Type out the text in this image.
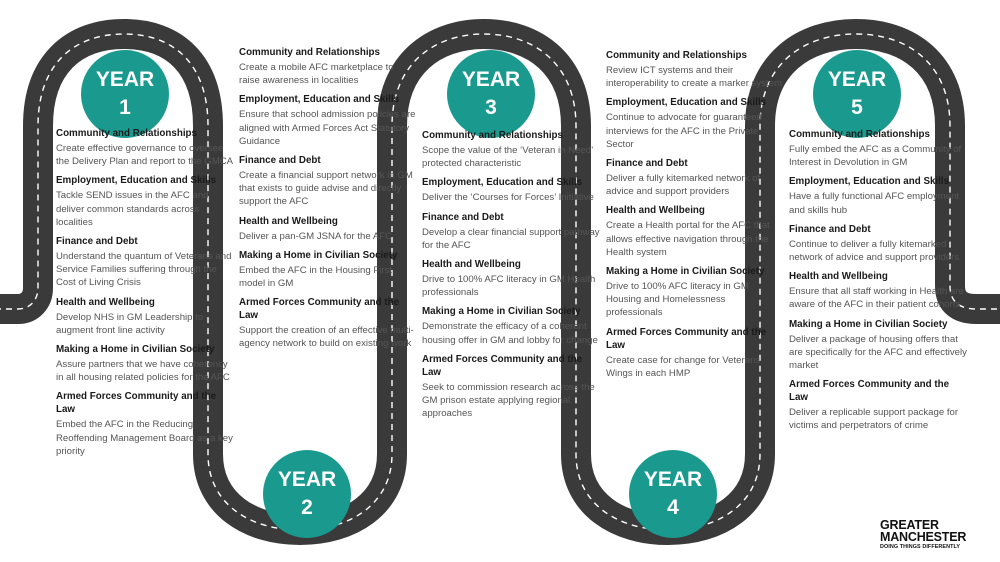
YEAR
1
YEAR
2
YEAR
3
YEAR
4
YEAR
5
Community and Relationships

Create effective governance to oversee the Delivery Plan and report to the GMCA

Employment, Education and Skills

Tackle SEND issues in the AFC and deliver common standards across localities

Finance and Debt

Understand the quantum of Veterans and Service Families suffering through the Cost of Living Crisis

Health and Wellbeing

Develop NHS in GM Leadership to augment front line activity

Making a Home in Civilian Society

Assure partners that we have coherency in all housing related policies for the AFC

Armed Forces Community and the Law

Embed the AFC in the Reducing Reoffending Management Board as a key priority

Community and Relationships

Create a mobile AFC marketplace to raise awareness in localities

Employment, Education and Skills

Ensure that school admission policies are aligned with Armed Forces Act Statutory Guidance

Finance and Debt

Create a financial support network in GM that exists to guide advise and directly support the AFC

Health and Wellbeing

Deliver a pan-GM JSNA for the AFC

Making a Home in Civilian Society

Embed the AFC in the Housing First model in GM

Armed Forces Community and the Law

Support the creation of an effective multi-agency network to build on existing work

Community and Relationships

Scope the value of the ‘Veteran in Need’ protected characteristic

Employment, Education and Skills

Deliver the ‘Courses for Forces’ Initiative

Finance and Debt

Develop a clear financial support pathway for the AFC

Health and Wellbeing

Drive to 100% AFC literacy in GM Health professionals

Making a Home in Civilian Society

Demonstrate the efficacy of a coherent housing offer in GM and lobby for change

Armed Forces Community and the Law

Seek to commission research across the GM prison estate applying regional approaches

Community and Relationships

Review ICT systems and their interoperability to create a marker system

Employment, Education and Skills

Continue to advocate for guaranteed interviews for the AFC in the Private Sector

Finance and Debt

Deliver a fully kitemarked network of advice and support providers

Health and Wellbeing

Create a Health portal for the AFC that allows effective navigation through the Health system

Making a Home in Civilian Society

Drive to 100% AFC literacy in GM Housing and Homelessness professionals

Armed Forces Community and the Law

Create case for change for Veterans Wings in each HMP

Community and Relationships

Fully embed the AFC as a Community of Interest in Devolution in GM

Employment, Education and Skills

Have a fully functional AFC employment and skills hub

Finance and Debt

Continue to deliver a fully kitemarked network of advice and support providers

Health and Wellbeing

Ensure that all staff working in Health are aware of the AFC in their patient cohorts

Making a Home in Civilian Society

Deliver a package of housing offers that are specifically for the AFC and effectively market

Armed Forces Community and the Law

Deliver a replicable support package for victims and perpetrators of crime

GREATER
MANCHESTER
DOING THINGS DIFFERENTLY
